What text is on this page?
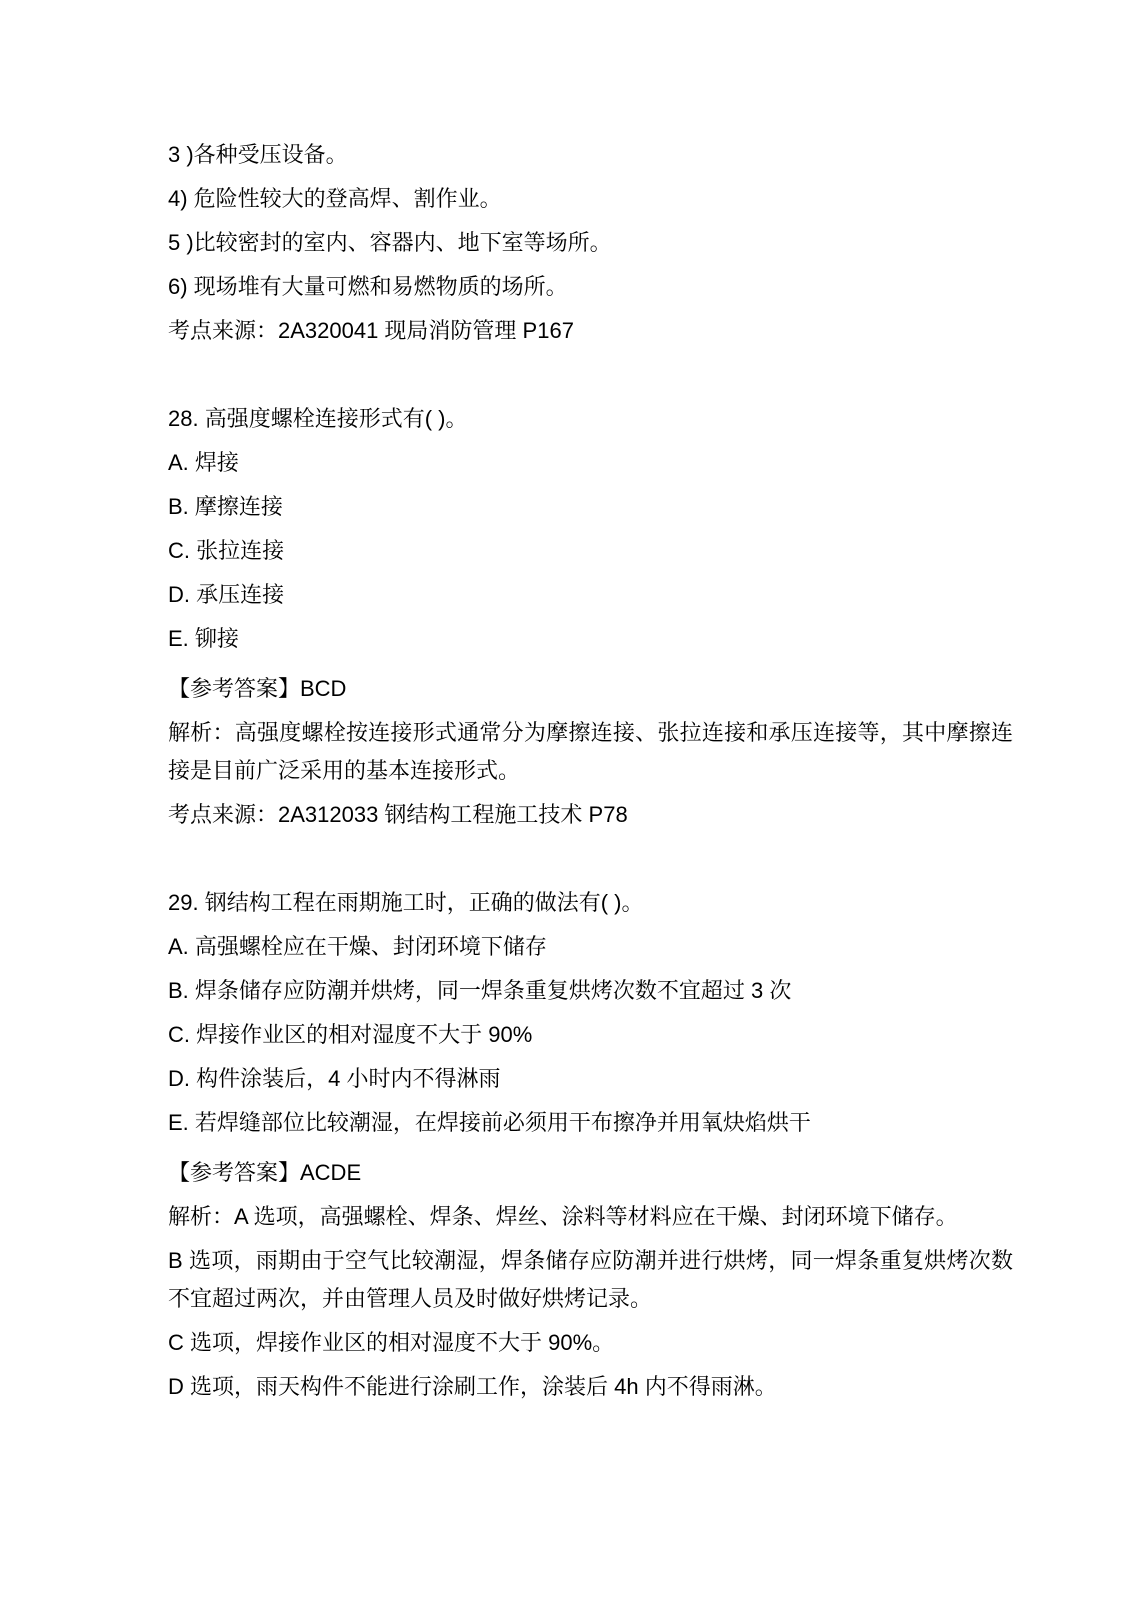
3 )各种受压设备。

4) 危险性较大的登高焊、割作业。

5 )比较密封的室内、容器内、地下室等场所。

6) 现场堆有大量可燃和易燃物质的场所。

考点来源：2A320041 现局消防管理 P167

28. 高强度螺栓连接形式有( )。

A. 焊接

B. 摩擦连接

C. 张拉连接

D. 承压连接

E. 铆接

【参考答案】BCD

解析：高强度螺栓按连接形式通常分为摩擦连接、张拉连接和承压连接等，其中摩擦连接是目前广泛采用的基本连接形式。

考点来源：2A312033 钢结构工程施工技术 P78

29. 钢结构工程在雨期施工时，正确的做法有( )。

A. 高强螺栓应在干燥、封闭环境下储存

B. 焊条储存应防潮并烘烤，同一焊条重复烘烤次数不宜超过 3 次

C. 焊接作业区的相对湿度不大于 90%

D. 构件涂装后，4 小时内不得淋雨

E. 若焊缝部位比较潮湿，在焊接前必须用干布擦净并用氧炔焰烘干

【参考答案】ACDE

解析：A 选项，高强螺栓、焊条、焊丝、涂料等材料应在干燥、封闭环境下储存。

B 选项，雨期由于空气比较潮湿，焊条储存应防潮并进行烘烤，同一焊条重复烘烤次数不宜超过两次，并由管理人员及时做好烘烤记录。

C 选项，焊接作业区的相对湿度不大于 90%。

D 选项，雨天构件不能进行涂刷工作，涂装后 4h 内不得雨淋。
